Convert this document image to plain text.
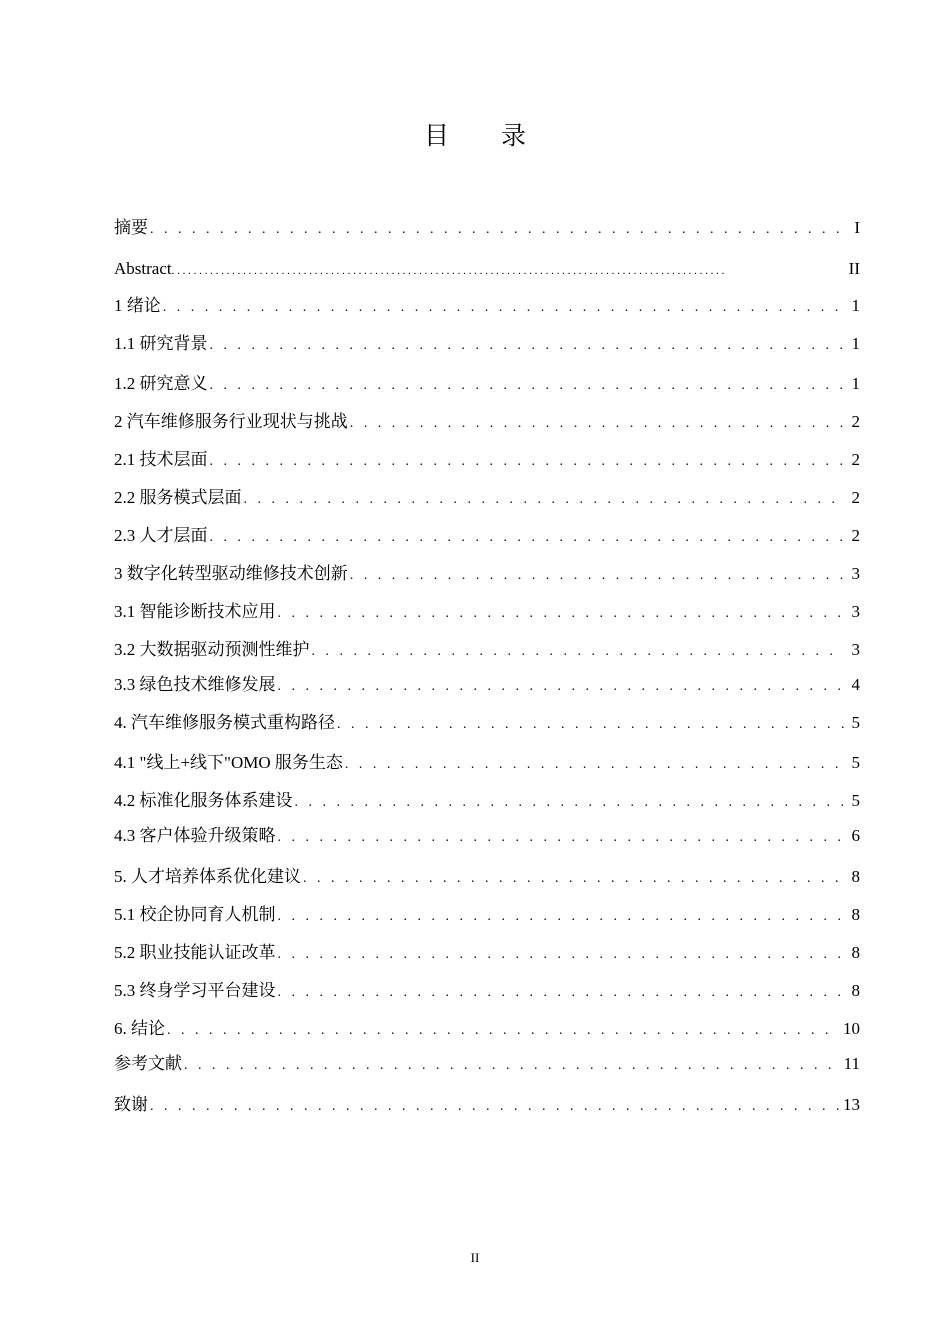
目 录
摘要 . . .	I
Abstract . . .	II
1 绪论 . . .	1
1.1 研究背景 . . .	1
1.2 研究意义 . . .	1
2 汽车维修服务行业现状与挑战 . . .	2
2.1 技术层面 . . .	2
2.2 服务模式层面 . . .	2
2.3 人才层面 . . .	2
3 数字化转型驱动维修技术创新 . . .	3
3.1 智能诊断技术应用 . . .	3
3.2 大数据驱动预测性维护 . . .	3
3.3 绿色技术维修发展 . . .	4
4. 汽车维修服务模式重构路径 . . .	5
4.1 "线上+线下"OMO 服务生态 . . .	5
4.2 标准化服务体系建设 . . .	5
4.3 客户体验升级策略 . . .	6
5. 人才培养体系优化建议 . . .	8
5.1 校企协同育人机制 . . .	8
5.2 职业技能认证改革 . . .	8
5.3 终身学习平台建设 . . .	8
6. 结论 . . .	10
参考文献 . . .	11
致谢 . . .	13
II
